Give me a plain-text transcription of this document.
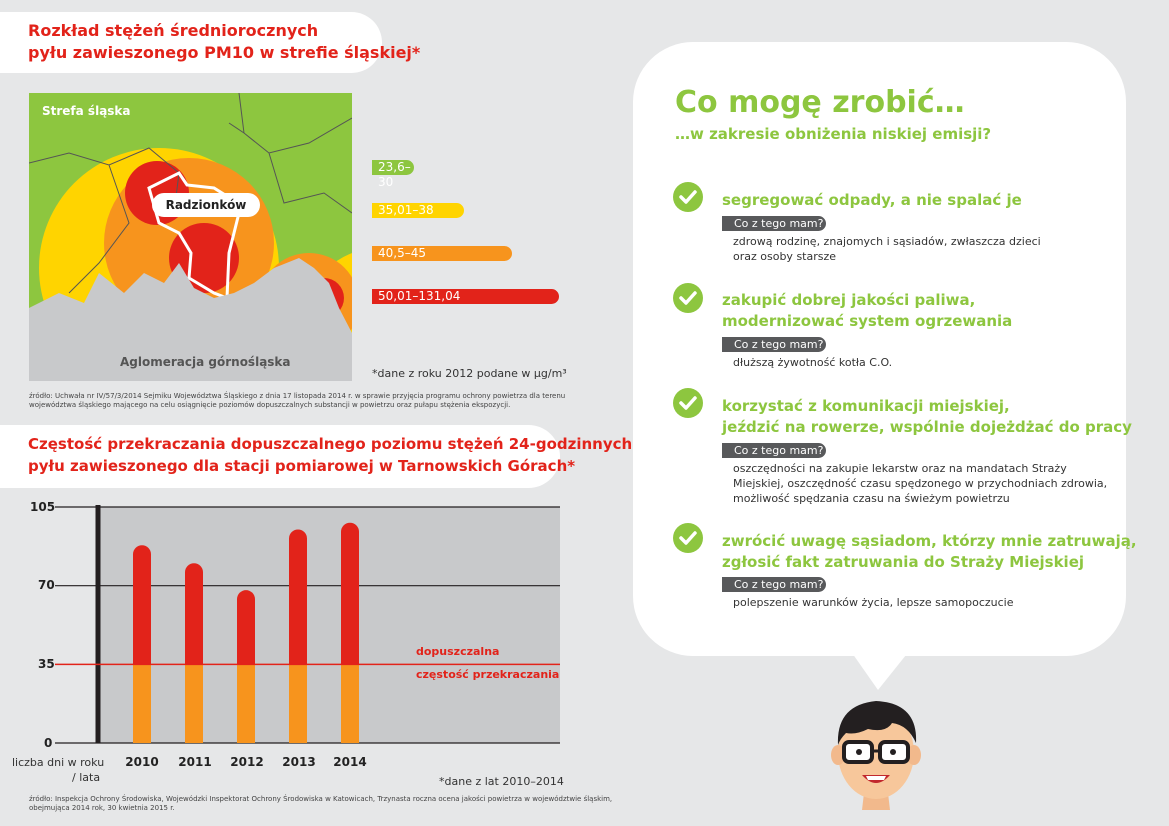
Rozkład stężeń średniorocznych
pyłu zawieszonego PM10 w strefie śląskiej*
Strefa śląska
Radzionków
Aglomeracja górnośląska
23,6–30
35,01–38
40,5–45
50,01–131,04
*dane z roku 2012 podane w μg/m³
źródło: Uchwała nr IV/57/3/2014 Sejmiku Województwa Śląskiego z dnia 17 listopada 2014 r. w sprawie przyjęcia programu ochrony powietrza dla terenu
województwa śląskiego mającego na celu osiągnięcie poziomów dopuszczalnych substancji w powietrzu oraz pułapu stężenia ekspozycji.
Częstość przekraczania dopuszczalnego poziomu stężeń 24-godzinnych
pyłu zawieszonego dla stacji pomiarowej w Tarnowskich Górach*
105
70
35
0
2010 2011 2012 2013 2014
liczba dni w roku
/ lata
dopuszczalna
częstość przekraczania
*dane z lat 2010–2014
źródło: Inspekcja Ochrony Środowiska, Wojewódzki Inspektorat Ochrony Środowiska w Katowicach, Trzynasta roczna ocena jakości powietrza w województwie śląskim,
obejmująca 2014 rok, 30 kwietnia 2015 r.
Co mogę zrobić…
…w zakresie obniżenia niskiej emisji?
segregować odpady, a nie spalać je
Co z tego mam?
zdrową rodzinę, znajomych i sąsiadów, zwłaszcza dzieci
oraz osoby starsze
zakupić dobrej jakości paliwa,
modernizować system ogrzewania
Co z tego mam?
dłuższą żywotność kotła C.O.
korzystać z komunikacji miejskiej,
jeździć na rowerze, wspólnie dojeżdżać do pracy
Co z tego mam?
oszczędności na zakupie lekarstw oraz na mandatach Straży
Miejskiej, oszczędność czasu spędzonego w przychodniach zdrowia,
możliwość spędzania czasu na świeżym powietrzu
zwrócić uwagę sąsiadom, którzy mnie zatruwają,
zgłosić fakt zatruwania do Straży Miejskiej
Co z tego mam?
polepszenie warunków życia, lepsze samopoczucie
